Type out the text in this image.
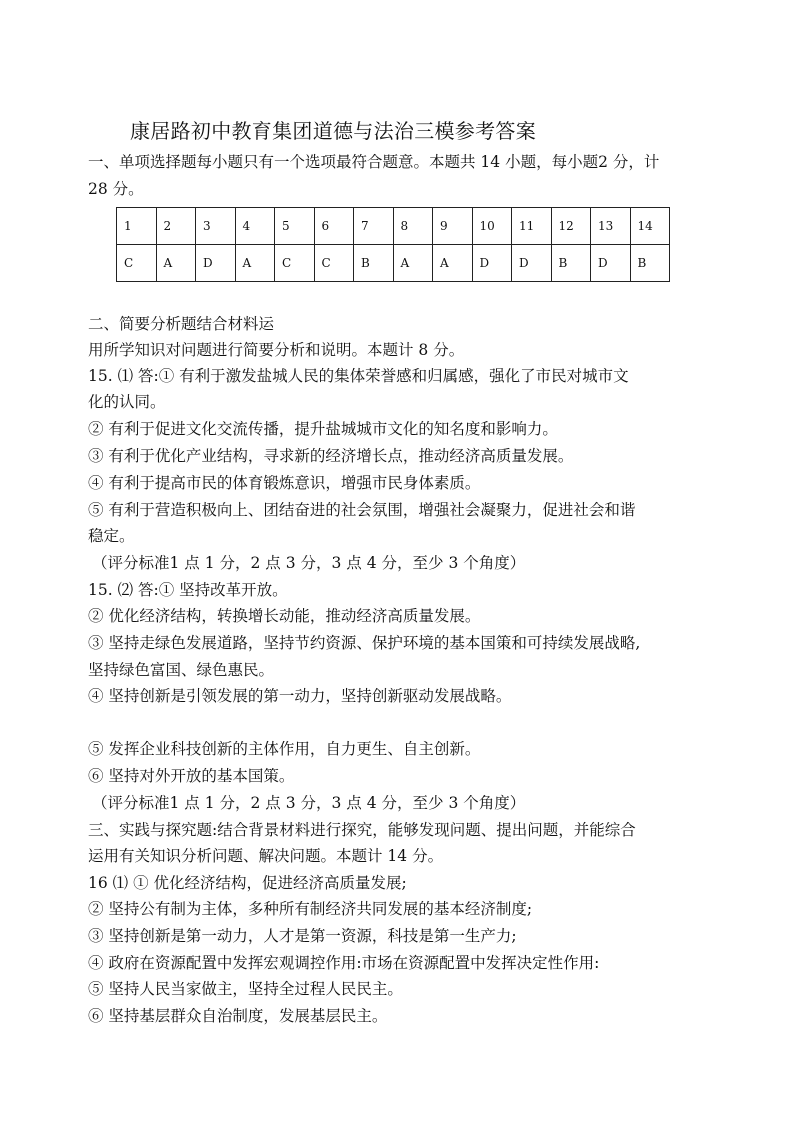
康居路初中教育集团道德与法治三模参考答案
一、单项选择题每小题只有一个选项最符合题意。本题共 14 小题，每小题2 分，计
28 分。
1	2	3	4	5	6	7	8	9	10	11	12	13	14
C	A	D	A	C	C	B	A	A	D	D	B	D	B
二、简要分析题结合材料运
用所学知识对问题进行简要分析和说明。本题计 8 分。
15. ⑴ 答:① 有利于激发盐城人民的集体荣誉感和归属感，强化了市民对城市文
化的认同。
② 有利于促进文化交流传播，提升盐城城市文化的知名度和影响力。
③ 有利于优化产业结构，寻求新的经济增长点，推动经济高质量发展。
④ 有利于提高市民的体育锻炼意识，增强市民身体素质。
⑤ 有利于营造积极向上、团结奋进的社会氛围，增强社会凝聚力，促进社会和谐
稳定。
（评分标准1 点 1 分，2 点 3 分，3 点 4 分，至少 3 个角度）
15. ⑵ 答:① 坚持改革开放。
② 优化经济结构，转换增长动能，推动经济高质量发展。
③ 坚持走绿色发展道路，坚持节约资源、保护环境的基本国策和可持续发展战略,
坚持绿色富国、绿色惠民。
④ 坚持创新是引领发展的第一动力，坚持创新驱动发展战略。
⑤ 发挥企业科技创新的主体作用，自力更生、自主创新。
⑥ 坚持对外开放的基本国策。
（评分标准1 点 1 分，2 点 3 分，3 点 4 分，至少 3 个角度）
三、实践与探究题:结合背景材料进行探究，能够发现问题、提出问题，并能综合
运用有关知识分析问题、解决问题。本题计 14 分。
16 ⑴ ① 优化经济结构，促进经济高质量发展;
② 坚持公有制为主体，多种所有制经济共同发展的基本经济制度;
③ 坚持创新是第一动力，人才是第一资源，科技是第一生产力;
④ 政府在资源配置中发挥宏观调控作用:市场在资源配置中发挥决定性作用:
⑤ 坚持人民当家做主，坚持全过程人民民主。
⑥ 坚持基层群众自治制度，发展基层民主。
